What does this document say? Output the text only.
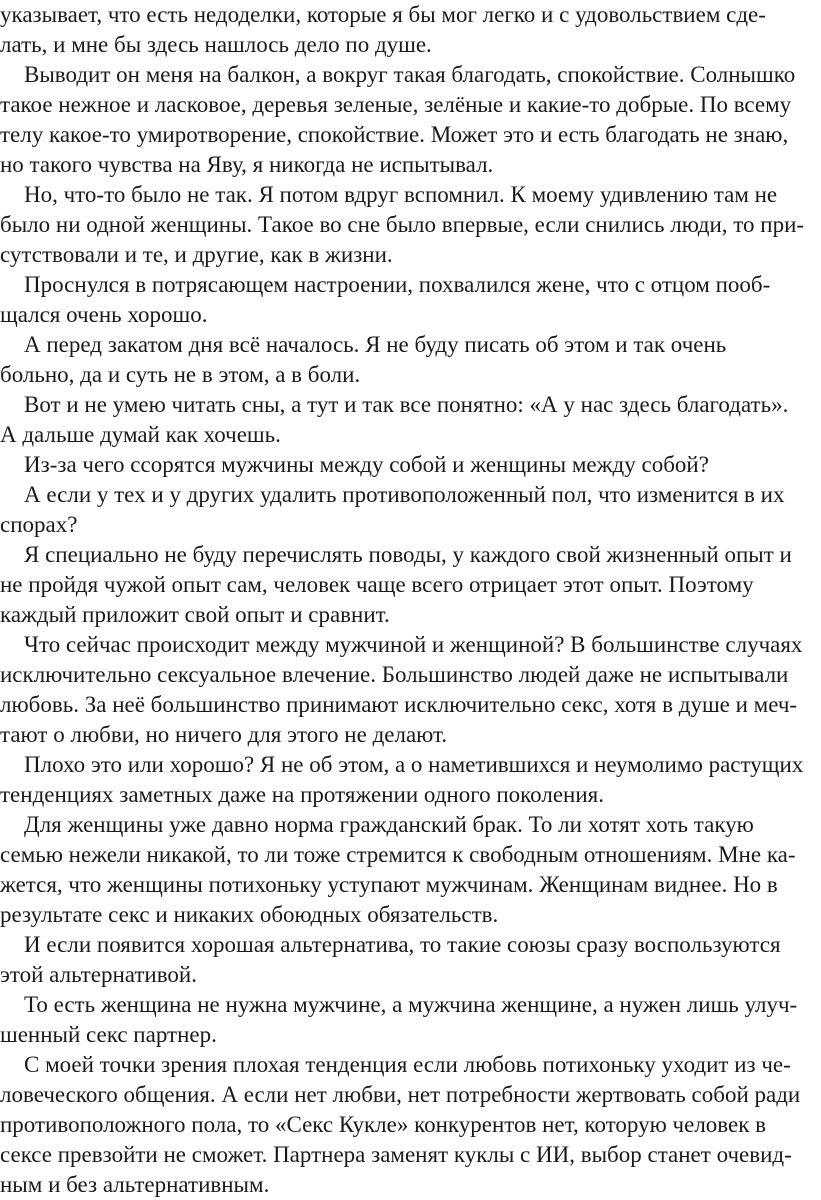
указывает, что есть недоделки, которые я бы мог легко и с удовольствием сде-
лать, и мне бы здесь нашлось дело по душе.
Выводит он меня на балкон, а вокруг такая благодать, спокойствие. Солнышко
такое нежное и ласковое, деревья зеленые, зелёные и какие-то добрые. По всему
телу какое-то умиротворение, спокойствие. Может это и есть благодать не знаю,
но такого чувства на Яву, я никогда не испытывал.
Но, что-то было не так. Я потом вдруг вспомнил. К моему удивлению там не
было ни одной женщины. Такое во сне было впервые, если снились люди, то при-
сутствовали и те, и другие, как в жизни.
Проснулся в потрясающем настроении, похвалился жене, что с отцом пооб-
щался очень хорошо.
А перед закатом дня всё началось. Я не буду писать об этом и так очень
больно, да и суть не в этом, а в боли.
Вот и не умею читать сны, а тут и так все понятно: «А у нас здесь благодать».
А дальше думай как хочешь.
Из-за чего ссорятся мужчины между собой и женщины между собой?
А если у тех и у других удалить противоположенный пол, что изменится в их
спорах?
Я специально не буду перечислять поводы, у каждого свой жизненный опыт и
не пройдя чужой опыт сам, человек чаще всего отрицает этот опыт. Поэтому
каждый приложит свой опыт и сравнит.
Что сейчас происходит между мужчиной и женщиной? В большинстве случаях
исключительно сексуальное влечение. Большинство людей даже не испытывали
любовь. За неё большинство принимают исключительно секс, хотя в душе и меч-
тают о любви, но ничего для этого не делают.
Плохо это или хорошо? Я не об этом, а о наметившихся и неумолимо растущих
тенденциях заметных даже на протяжении одного поколения.
Для женщины уже давно норма гражданский брак. То ли хотят хоть такую
семью нежели никакой, то ли тоже стремится к свободным отношениям. Мне ка-
жется, что женщины потихоньку уступают мужчинам. Женщинам виднее. Но в
результате секс и никаких обоюдных обязательств.
И если появится хорошая альтернатива, то такие союзы сразу воспользуются
этой альтернативой.
То есть женщина не нужна мужчине, а мужчина женщине, а нужен лишь улуч-
шенный секс партнер.
С моей точки зрения плохая тенденция если любовь потихоньку уходит из че-
ловеческого общения. А если нет любви, нет потребности жертвовать собой ради
противоположного пола, то «Секс Кукле» конкурентов нет, которую человек в
сексе превзойти не сможет. Партнера заменят куклы с ИИ, выбор станет очевид-
ным и без альтернативным.
